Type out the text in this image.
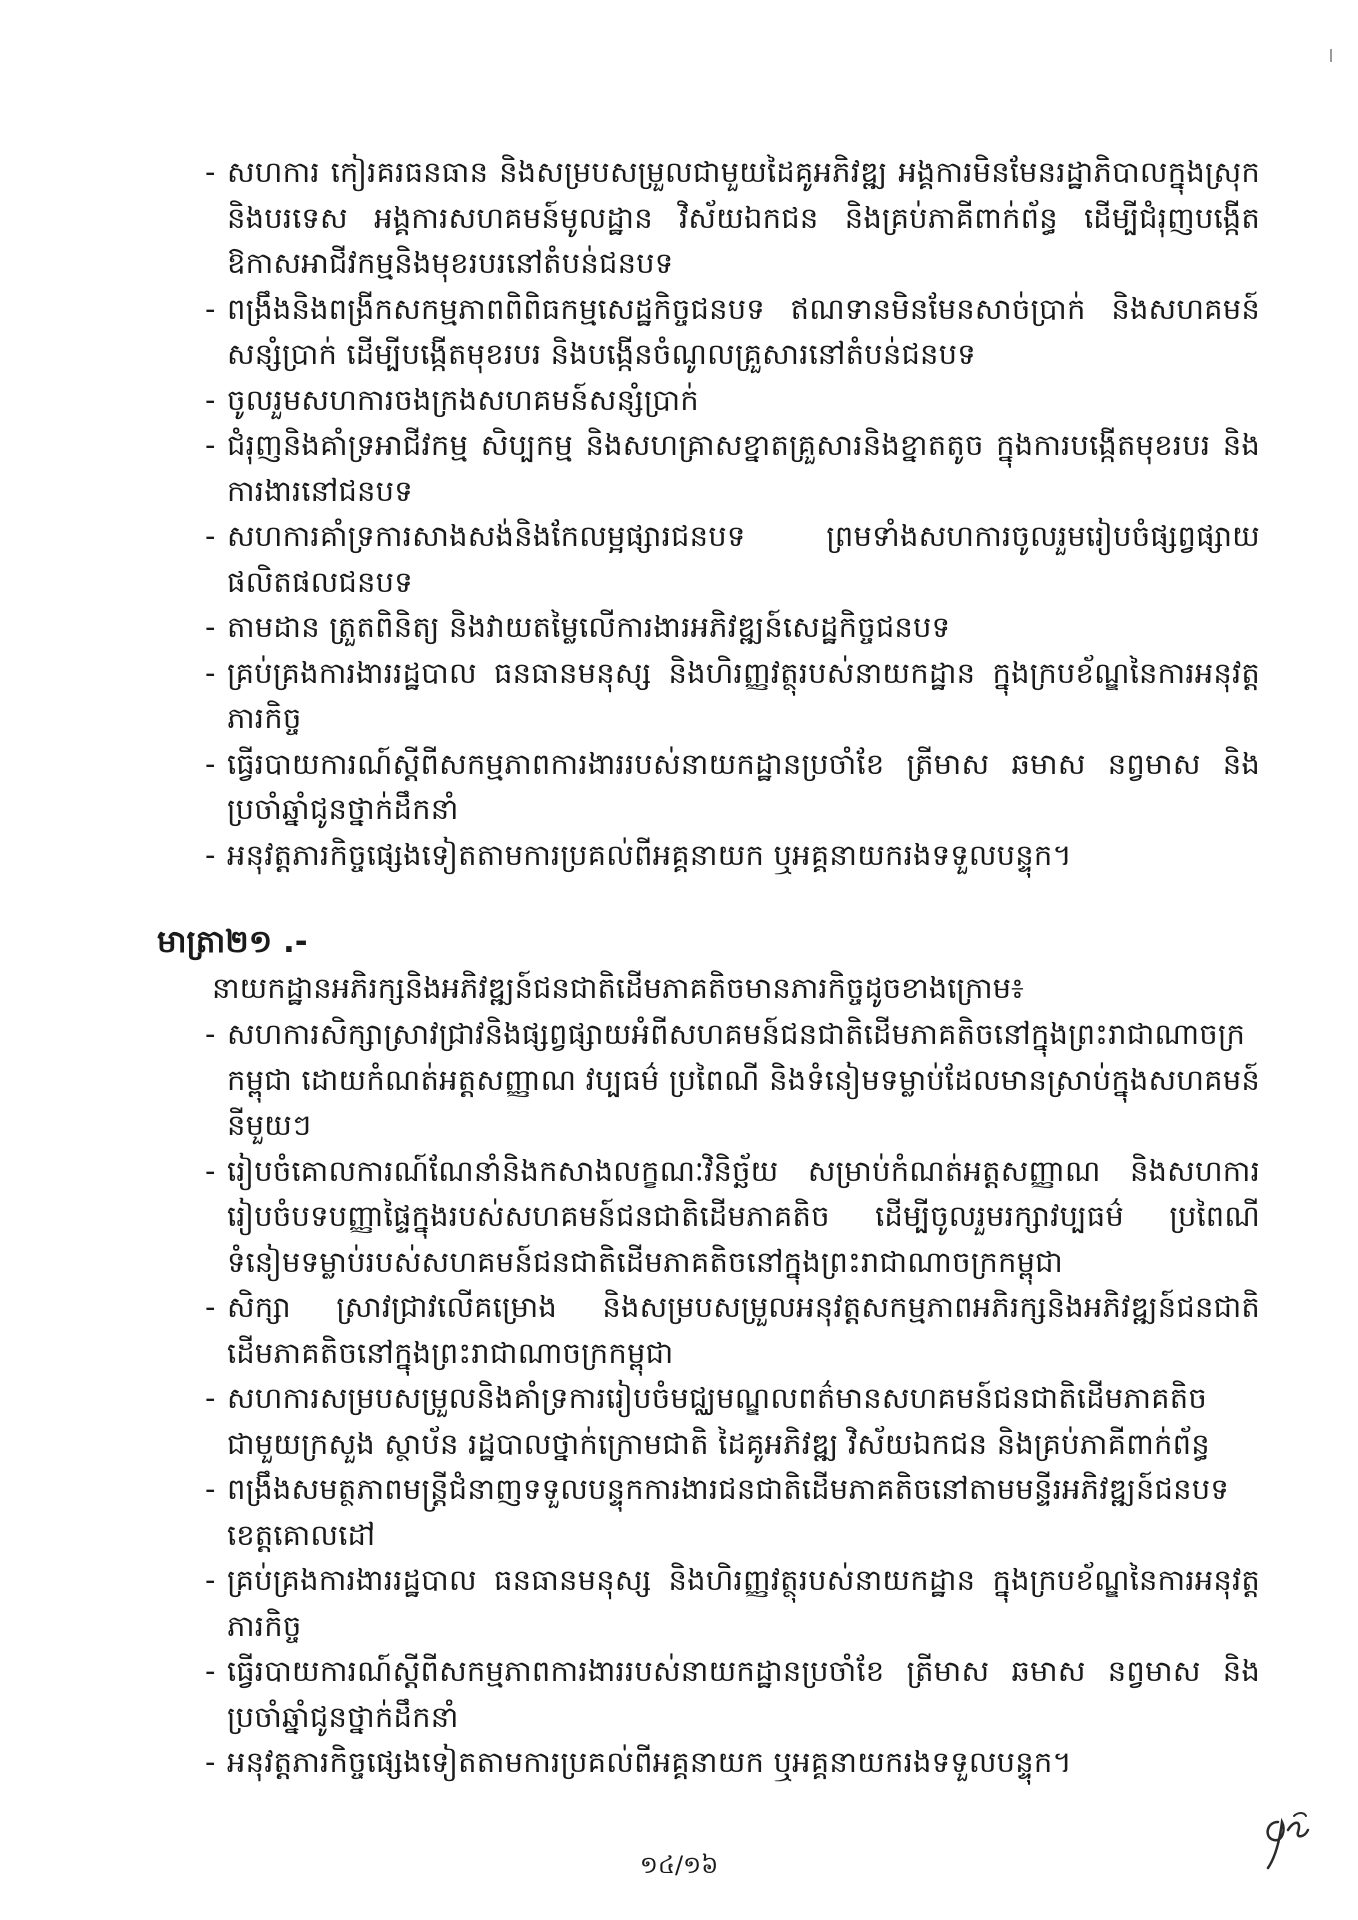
- សហការ កៀរគរធនធាន និងសម្របសម្រួលជាមួយដៃគូអភិវឌ្ឍ អង្គការមិនមែនរដ្ឋាភិបាលក្នុងស្រុក និងបរទេស អង្គការសហគមន៍មូលដ្ឋាន វិស័យឯកជន និងគ្រប់ភាគីពាក់ព័ន្ធ ដើម្បីជំរុញបង្កើតឱកាសអាជីវកម្មនិងមុខរបរនៅតំបន់ជនបទ
- ពង្រឹងនិងពង្រីកសកម្មភាពពិពិធកម្មសេដ្ឋកិច្ចជនបទ ឥណទានមិនមែនសាច់ប្រាក់ និងសហគមន៍សន្សំប្រាក់ ដើម្បីបង្កើតមុខរបរ និងបង្កើនចំណូលគ្រួសារនៅតំបន់ជនបទ
- ចូលរួមសហការចងក្រងសហគមន៍សន្សំប្រាក់
- ជំរុញនិងគាំទ្រអាជីវកម្ម សិប្បកម្ម និងសហគ្រាសខ្នាតគ្រួសារនិងខ្នាតតូច ក្នុងការបង្កើតមុខរបរ និងការងារនៅជនបទ
- សហការគាំទ្រការសាងសង់និងកែលម្អផ្សារជនបទ ព្រមទាំងសហការចូលរួមរៀបចំផ្សព្វផ្សាយផលិតផលជនបទ
- តាមដាន ត្រួតពិនិត្យ និងវាយតម្លៃលើការងារអភិវឌ្ឍន៍សេដ្ឋកិច្ចជនបទ
- គ្រប់គ្រងការងាររដ្ឋបាល ធនធានមនុស្ស និងហិរញ្ញវត្ថុរបស់នាយកដ្ឋាន ក្នុងក្របខ័ណ្ឌនៃការអនុវត្តភារកិច្ច
- ធ្វើរបាយការណ៍ស្តីពីសកម្មភាពការងាររបស់នាយកដ្ឋានប្រចាំខែ ត្រីមាស ឆមាស នព្វមាស និងប្រចាំឆ្នាំជូនថ្នាក់ដឹកនាំ
- អនុវត្តភារកិច្ចផ្សេងទៀតតាមការប្រគល់ពីអគ្គនាយក ឬអគ្គនាយករងទទួលបន្ទុក។
មាត្រា២១ .-
នាយកដ្ឋានអភិរក្សនិងអភិវឌ្ឍន៍ជនជាតិដើមភាគតិចមានភារកិច្ចដូចខាងក្រោម៖
- សហការសិក្សាស្រាវជ្រាវនិងផ្សព្វផ្សាយអំពីសហគមន៍ជនជាតិដើមភាគតិចនៅក្នុងព្រះរាជាណាចក្រកម្ពុជា ដោយកំណត់អត្តសញ្ញាណ វប្បធម៌ ប្រពៃណី និងទំនៀមទម្លាប់ដែលមានស្រាប់ក្នុងសហគមន៍នីមួយៗ
- រៀបចំគោលការណ៍ណែនាំនិងកសាងលក្ខណៈវិនិច្ឆ័យ សម្រាប់កំណត់អត្តសញ្ញាណ និងសហការរៀបចំបទបញ្ញាផ្ទៃក្នុងរបស់សហគមន៍ជនជាតិដើមភាគតិច ដើម្បីចូលរួមរក្សាវប្បធម៌ ប្រពៃណី ទំនៀមទម្លាប់របស់សហគមន៍ជនជាតិដើមភាគតិចនៅក្នុងព្រះរាជាណាចក្រកម្ពុជា
- សិក្សា ស្រាវជ្រាវលើគម្រោង និងសម្របសម្រួលអនុវត្តសកម្មភាពអភិរក្សនិងអភិវឌ្ឍន៍ជនជាតិដើមភាគតិចនៅក្នុងព្រះរាជាណាចក្រកម្ពុជា
- សហការសម្របសម្រួលនិងគាំទ្រការរៀបចំមជ្ឈមណ្ឌលពត៌មានសហគមន៍ជនជាតិដើមភាគតិចជាមួយក្រសួង ស្ថាប័ន រដ្ឋបាលថ្នាក់ក្រោមជាតិ ដៃគូអភិវឌ្ឍ វិស័យឯកជន និងគ្រប់ភាគីពាក់ព័ន្ធ
- ពង្រឹងសមត្ថភាពមន្ត្រីជំនាញទទួលបន្ទុកការងារជនជាតិដើមភាគតិចនៅតាមមន្ទីរអភិវឌ្ឍន៍ជនបទខេត្តគោលដៅ
- គ្រប់គ្រងការងាររដ្ឋបាល ធនធានមនុស្ស និងហិរញ្ញវត្ថុរបស់នាយកដ្ឋាន ក្នុងក្របខ័ណ្ឌនៃការអនុវត្តភារកិច្ច
- ធ្វើរបាយការណ៍ស្តីពីសកម្មភាពការងាររបស់នាយកដ្ឋានប្រចាំខែ ត្រីមាស ឆមាស នព្វមាស និងប្រចាំឆ្នាំជូនថ្នាក់ដឹកនាំ
- អនុវត្តភារកិច្ចផ្សេងទៀតតាមការប្រគល់ពីអគ្គនាយក ឬអគ្គនាយករងទទួលបន្ទុក។
១៤/១៦
